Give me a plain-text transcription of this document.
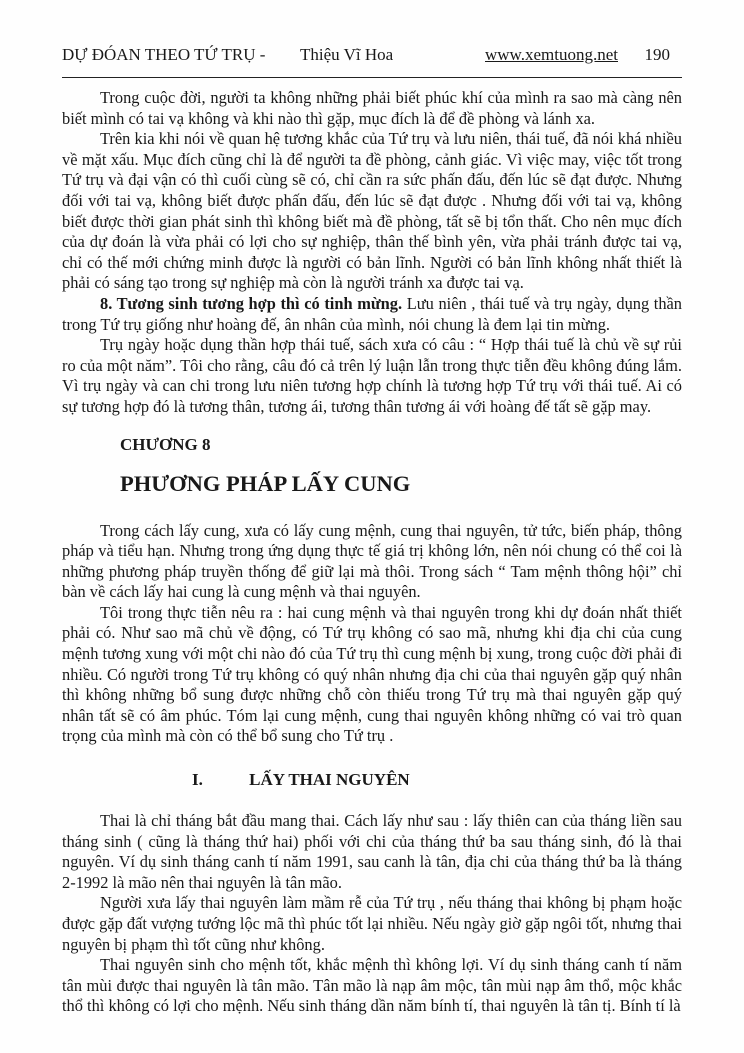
DỰ ĐÓAN THEO TỨ TRỤ - Thiệu Vĩ Hoa	www.xemtuong.net 190

Trong cuộc đời, người ta không những phải biết phúc khí của mình ra sao mà càng nên biết mình có tai vạ không và khi nào thì gặp, mục đích là để đề phòng và lánh xa.

Trên kia khi nói về quan hệ tương khắc của Tứ trụ và lưu niên, thái tuế, đã nói khá nhiều về mặt xấu. Mục đích cũng chỉ là để người ta đề phòng, cảnh giác. Vì việc may, việc tốt trong Tứ trụ và đại vận có thì cuối cùng sẽ có, chỉ cần ra sức phấn đấu, đến lúc sẽ đạt được. Nhưng đối với tai vạ, không biết được phấn đấu, đến lúc sẽ đạt được . Nhưng đối với tai vạ, không biết được thời gian phát sinh thì không biết mà đề phòng, tất sẽ bị tổn thất. Cho nên mục đích của dự đoán là vừa phải có lợi cho sự nghiệp, thân thế bình yên, vừa phải tránh được tai vạ, chỉ có thế mới chứng minh được là người có bản lĩnh. Người có bản lĩnh không nhất thiết là phải có sáng tạo trong sự nghiệp mà còn là người tránh xa được tai vạ.

8. Tương sinh tương hợp thì có tinh mừng. Lưu niên , thái tuế và trụ ngày, dụng thần trong Tứ trụ giống như hoàng đế, ân nhân của mình, nói chung là đem lại tin mừng.

Trụ ngày hoặc dụng thần hợp thái tuế, sách xưa có câu : “ Hợp thái tuế là chủ về sự rủi ro của một năm”. Tôi cho rằng, câu đó cả trên lý luận lẫn trong thực tiễn đều không đúng lắm. Vì trụ ngày và can chi trong lưu niên tương hợp chính là tương hợp Tứ trụ với thái tuế. Ai có sự tương hợp đó là tương thân, tương ái, tương thân tương ái với hoàng đế tất sẽ gặp may.

CHƯƠNG 8
PHƯƠNG PHÁP LẤY CUNG

Trong cách lấy cung, xưa có lấy cung mệnh, cung thai nguyên, tử tức, biến pháp, thông pháp và tiểu hạn. Nhưng trong ứng dụng thực tế giá trị không lớn, nên nói chung có thể coi là những phương pháp truyền thống để giữ lại mà thôi. Trong sách “ Tam mệnh thông hội” chỉ bàn về cách lấy hai cung là cung mệnh và thai nguyên.

Tôi trong thực tiễn nêu ra : hai cung mệnh và thai nguyên trong khi dự đoán nhất thiết phải có. Như sao mã chủ về động, có Tứ trụ không có sao mã, nhưng khi địa chi của cung mệnh tương xung với một chi nào đó của Tứ trụ thì cung mệnh bị xung, trong cuộc đời phải đi nhiều. Có người trong Tứ trụ không có quý nhân nhưng địa chi của thai nguyên gặp quý nhân thì không những bổ sung được những chỗ còn thiếu trong Tứ trụ mà thai nguyên gặp quý nhân tất sẽ có âm phúc. Tóm lại cung mệnh, cung thai nguyên không những có vai trò quan trọng của mình mà còn có thể bổ sung cho Tứ trụ .

I.	LẤY THAI NGUYÊN

Thai là chỉ tháng bắt đầu mang thai. Cách lấy như sau : lấy thiên can của tháng liền sau tháng sinh ( cũng là tháng thứ hai) phối với chi của tháng thứ ba sau tháng sinh, đó là thai nguyên. Ví dụ sinh tháng canh tí năm 1991, sau canh là tân, địa chi của tháng thứ ba là tháng 2-1992 là mão nên thai nguyên là tân mão.

Người xưa lấy thai nguyên làm mầm rễ của Tứ trụ , nếu tháng thai không bị phạm hoặc được gặp đất vượng tướng lộc mã thì phúc tốt lại nhiều. Nếu ngày giờ gặp ngôi tốt, nhưng thai nguyên bị phạm thì tốt cũng như không.

Thai nguyên sinh cho mệnh tốt, khắc mệnh thì không lợi. Ví dụ sinh tháng canh tí năm tân mùi được thai nguyên là tân mão. Tân mão là nạp âm mộc, tân mùi nạp âm thổ, mộc khắc thổ thì không có lợi cho mệnh. Nếu sinh tháng dần năm bính tí, thai nguyên là tân tị. Bính tí là
